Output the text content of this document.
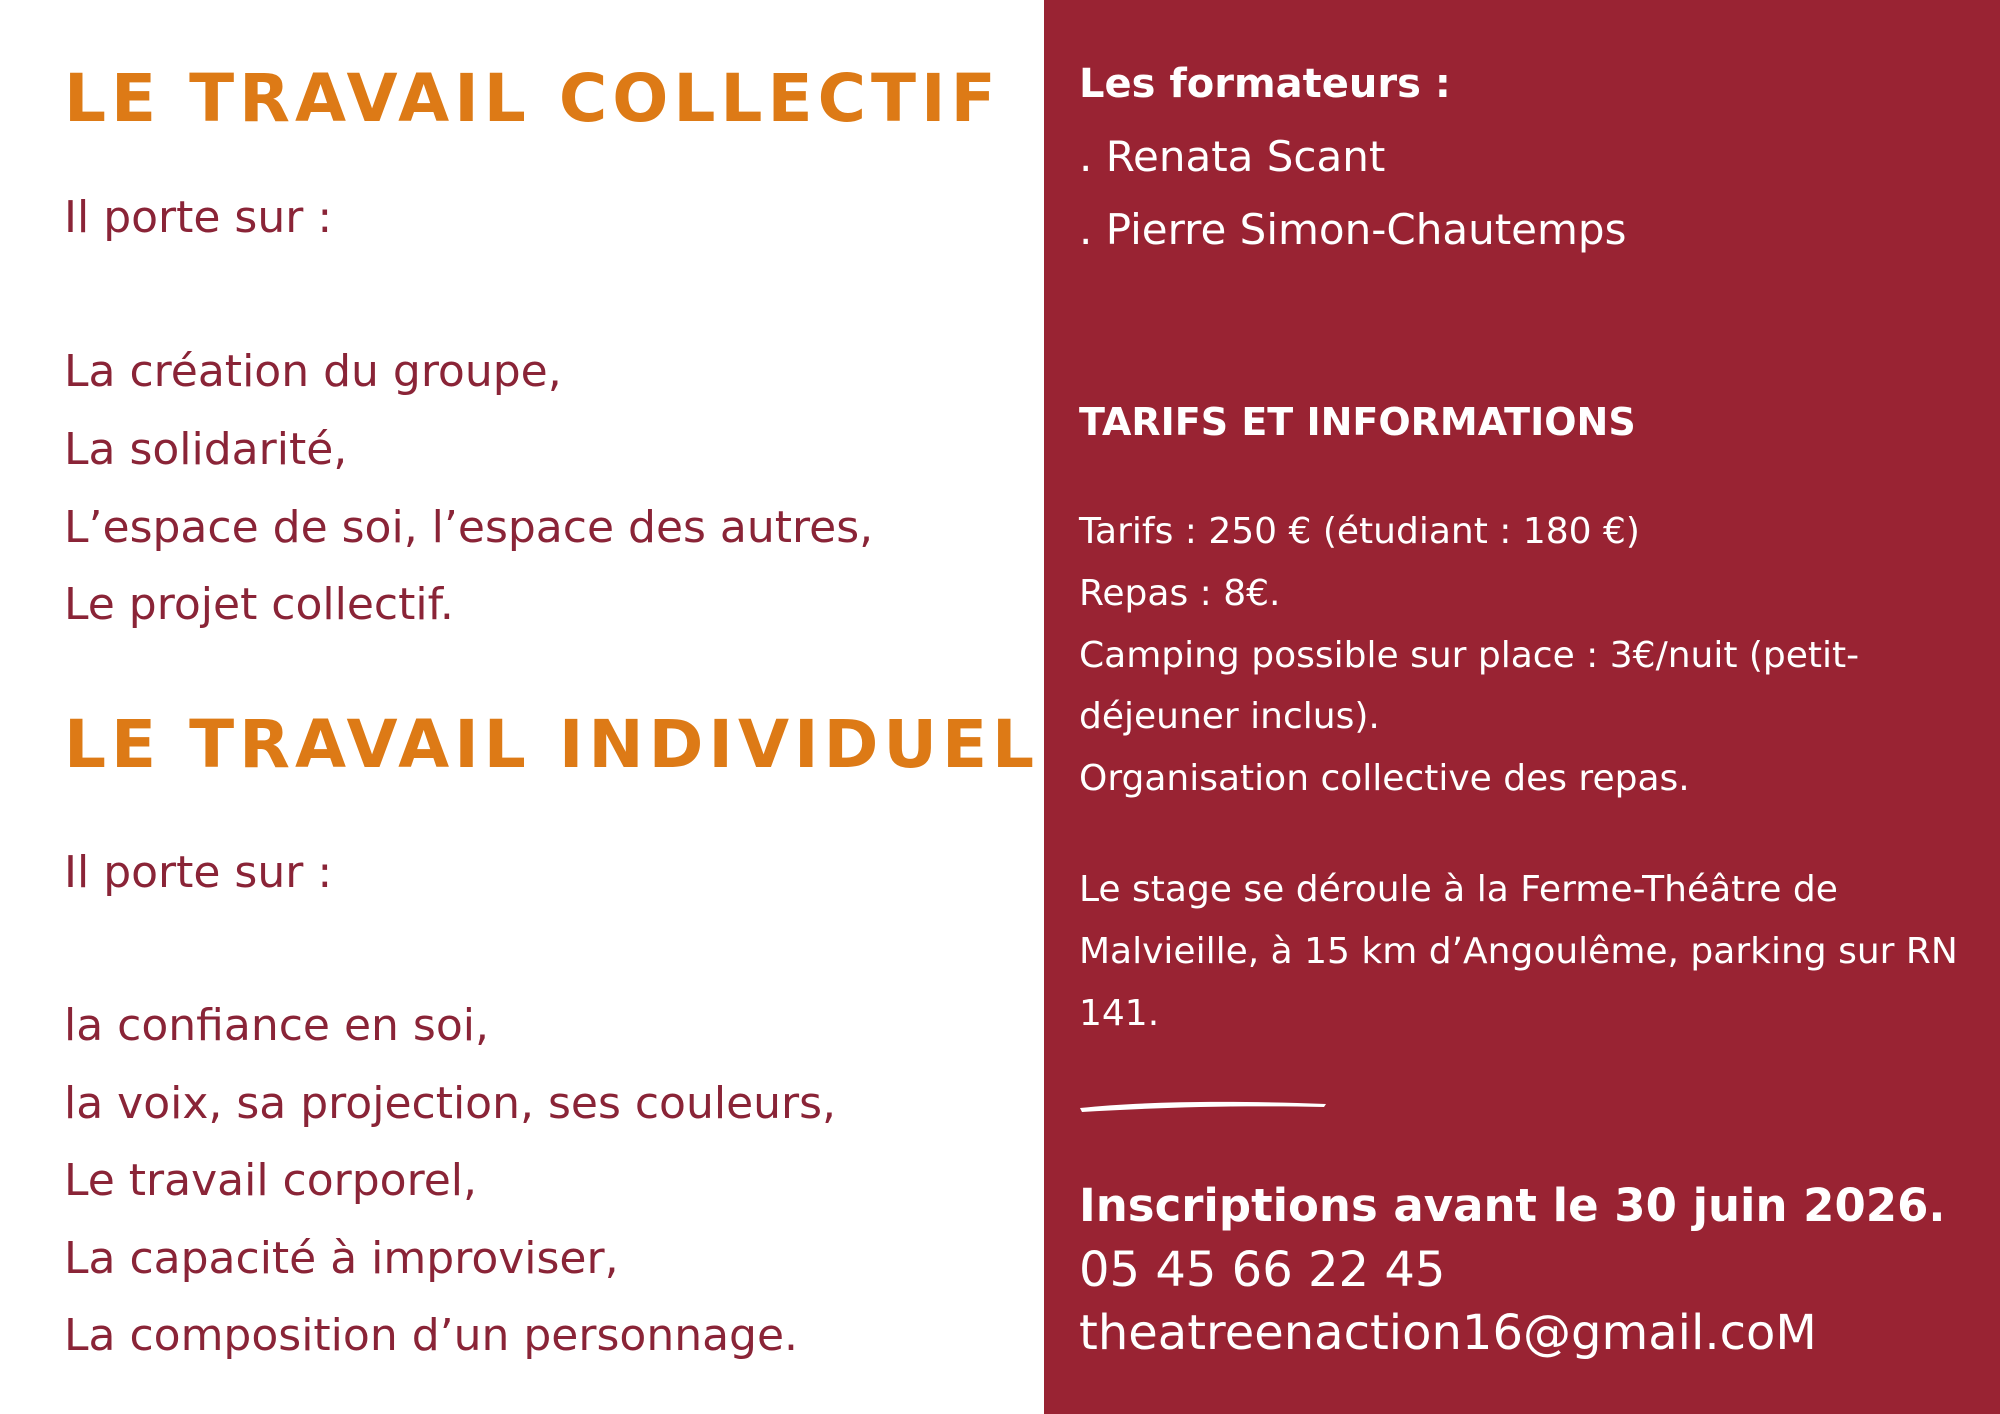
LE TRAVAIL COLLECTIF

Il porte sur :

La création du groupe,

La solidarité,

L’espace de soi, l’espace des autres,

Le projet collectif.

LE TRAVAIL INDIVIDUEL

Il porte sur :

la confiance en soi,

la voix, sa projection, ses couleurs,

Le travail corporel,

La capacité à improviser,

La composition d’un personnage.

Les formateurs :

. Renata Scant

. Pierre Simon-Chautemps

TARIFS ET INFORMATIONS

Tarifs : 250 € (étudiant : 180 €)

Repas : 8€.

Camping possible sur place : 3€/nuit (petit-

déjeuner inclus).

Organisation collective des repas.

Le stage se déroule à la Ferme-Théâtre de

Malvieille, à 15 km d’Angoulême, parking sur RN

141.

Inscriptions avant le 30 juin 2026.

05 45 66 22 45

theatreenaction16@gmail.coM
